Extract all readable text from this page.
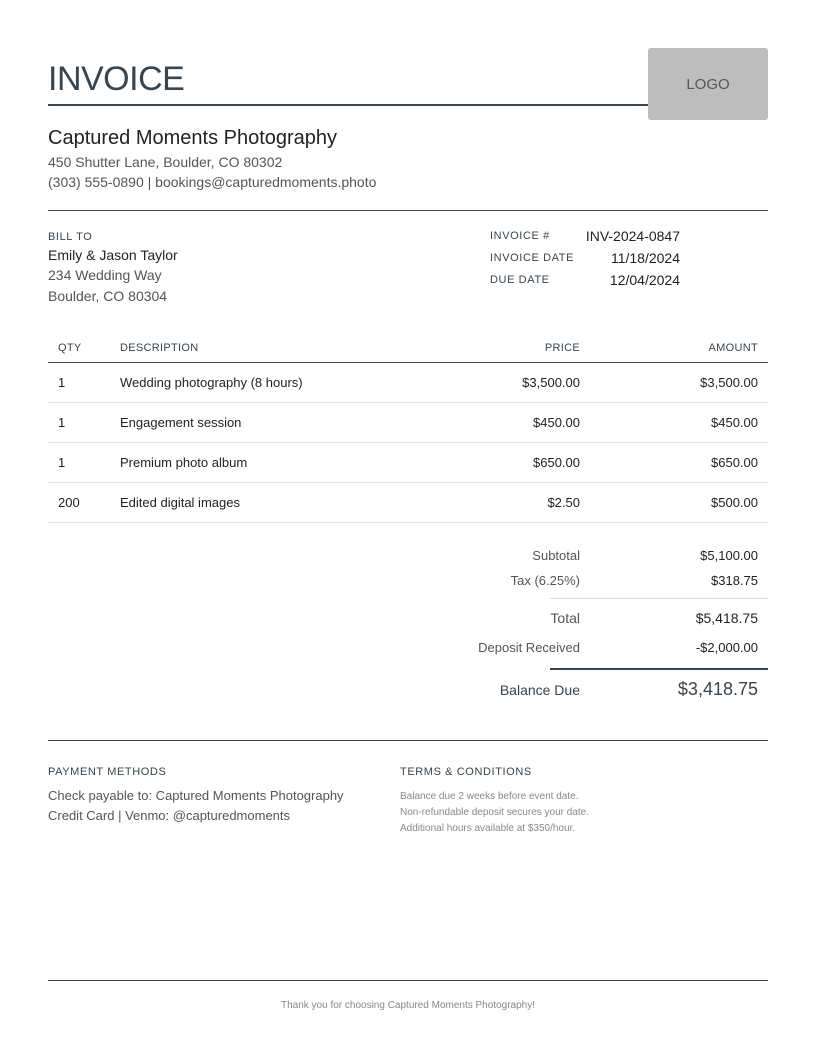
INVOICE	LOGO
Captured Moments Photography
450 Shutter Lane, Boulder, CO 80302
(303) 555-0890 | bookings@capturedmoments.photo
BILL TO
Emily & Jason Taylor
234 Wedding Way
Boulder, CO 80304
INVOICE #	INV-2024-0847
INVOICE DATE	11/18/2024
DUE DATE	12/04/2024
QTY	DESCRIPTION	PRICE	AMOUNT
1	Wedding photography (8 hours)	$3,500.00	$3,500.00
1	Engagement session	$450.00	$450.00
1	Premium photo album	$650.00	$650.00
200	Edited digital images	$2.50	$500.00
Subtotal	$5,100.00
Tax (6.25%)	$318.75
Total	$5,418.75
Deposit Received	-$2,000.00
Balance Due	$3,418.75
PAYMENT METHODS
Check payable to: Captured Moments Photography
Credit Card | Venmo: @capturedmoments
TERMS & CONDITIONS
Balance due 2 weeks before event date.
Non-refundable deposit secures your date.
Additional hours available at $350/hour.
Thank you for choosing Captured Moments Photography!
